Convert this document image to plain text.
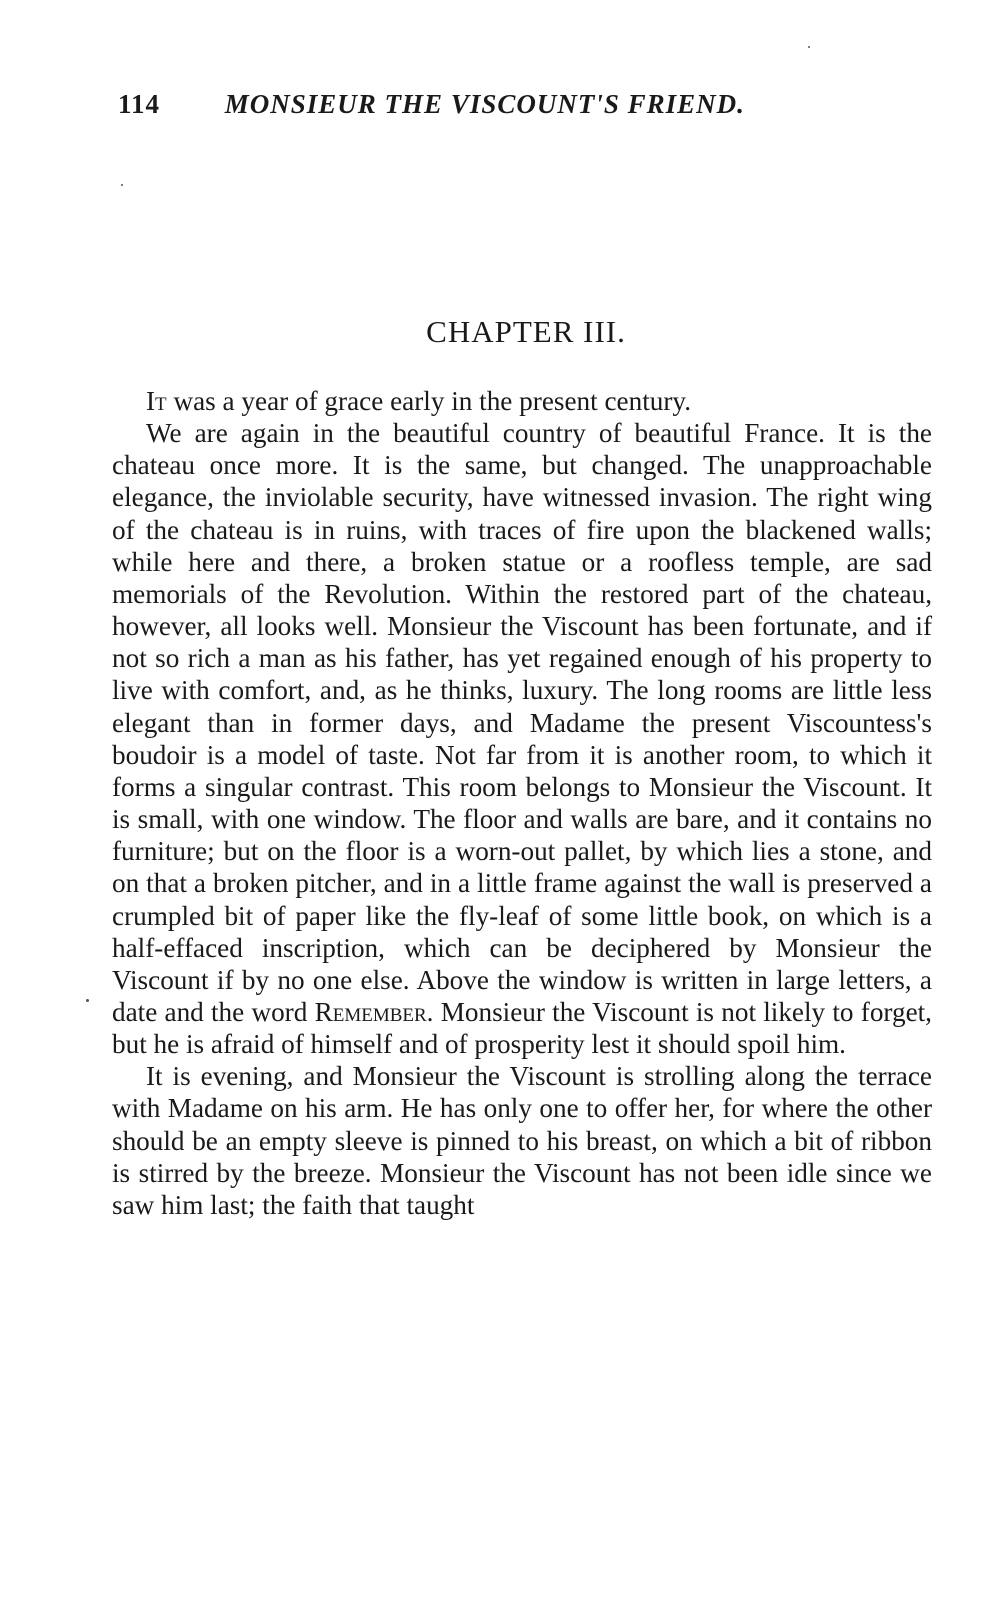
114 MONSIEUR THE VISCOUNT'S FRIEND.
CHAPTER III.

It was a year of grace early in the present century.

We are again in the beautiful country of beautiful France. It is the chateau once more. It is the same, but changed. The unapproachable elegance, the inviolable security, have witnessed invasion. The right wing of the chateau is in ruins, with traces of fire upon the blackened walls; while here and there, a broken statue or a roofless temple, are sad memorials of the Revolution. Within the restored part of the chateau, however, all looks well. Monsieur the Viscount has been fortunate, and if not so rich a man as his father, has yet regained enough of his property to live with comfort, and, as he thinks, luxury. The long rooms are little less elegant than in former days, and Madame the present Viscountess's boudoir is a model of taste. Not far from it is another room, to which it forms a singular contrast. This room belongs to Monsieur the Viscount. It is small, with one window. The floor and walls are bare, and it contains no furniture; but on the floor is a worn-out pallet, by which lies a stone, and on that a broken pitcher, and in a little frame against the wall is preserved a crumpled bit of paper like the fly-leaf of some little book, on which is a half-effaced inscription, which can be deciphered by Monsieur the Viscount if by no one else. Above the window is written in large letters, a date and the word Remember. Monsieur the Viscount is not likely to forget, but he is afraid of himself and of prosperity lest it should spoil him.

It is evening, and Monsieur the Viscount is strolling along the terrace with Madame on his arm. He has only one to offer her, for where the other should be an empty sleeve is pinned to his breast, on which a bit of ribbon is stirred by the breeze. Monsieur the Viscount has not been idle since we saw him last; the faith that taught
